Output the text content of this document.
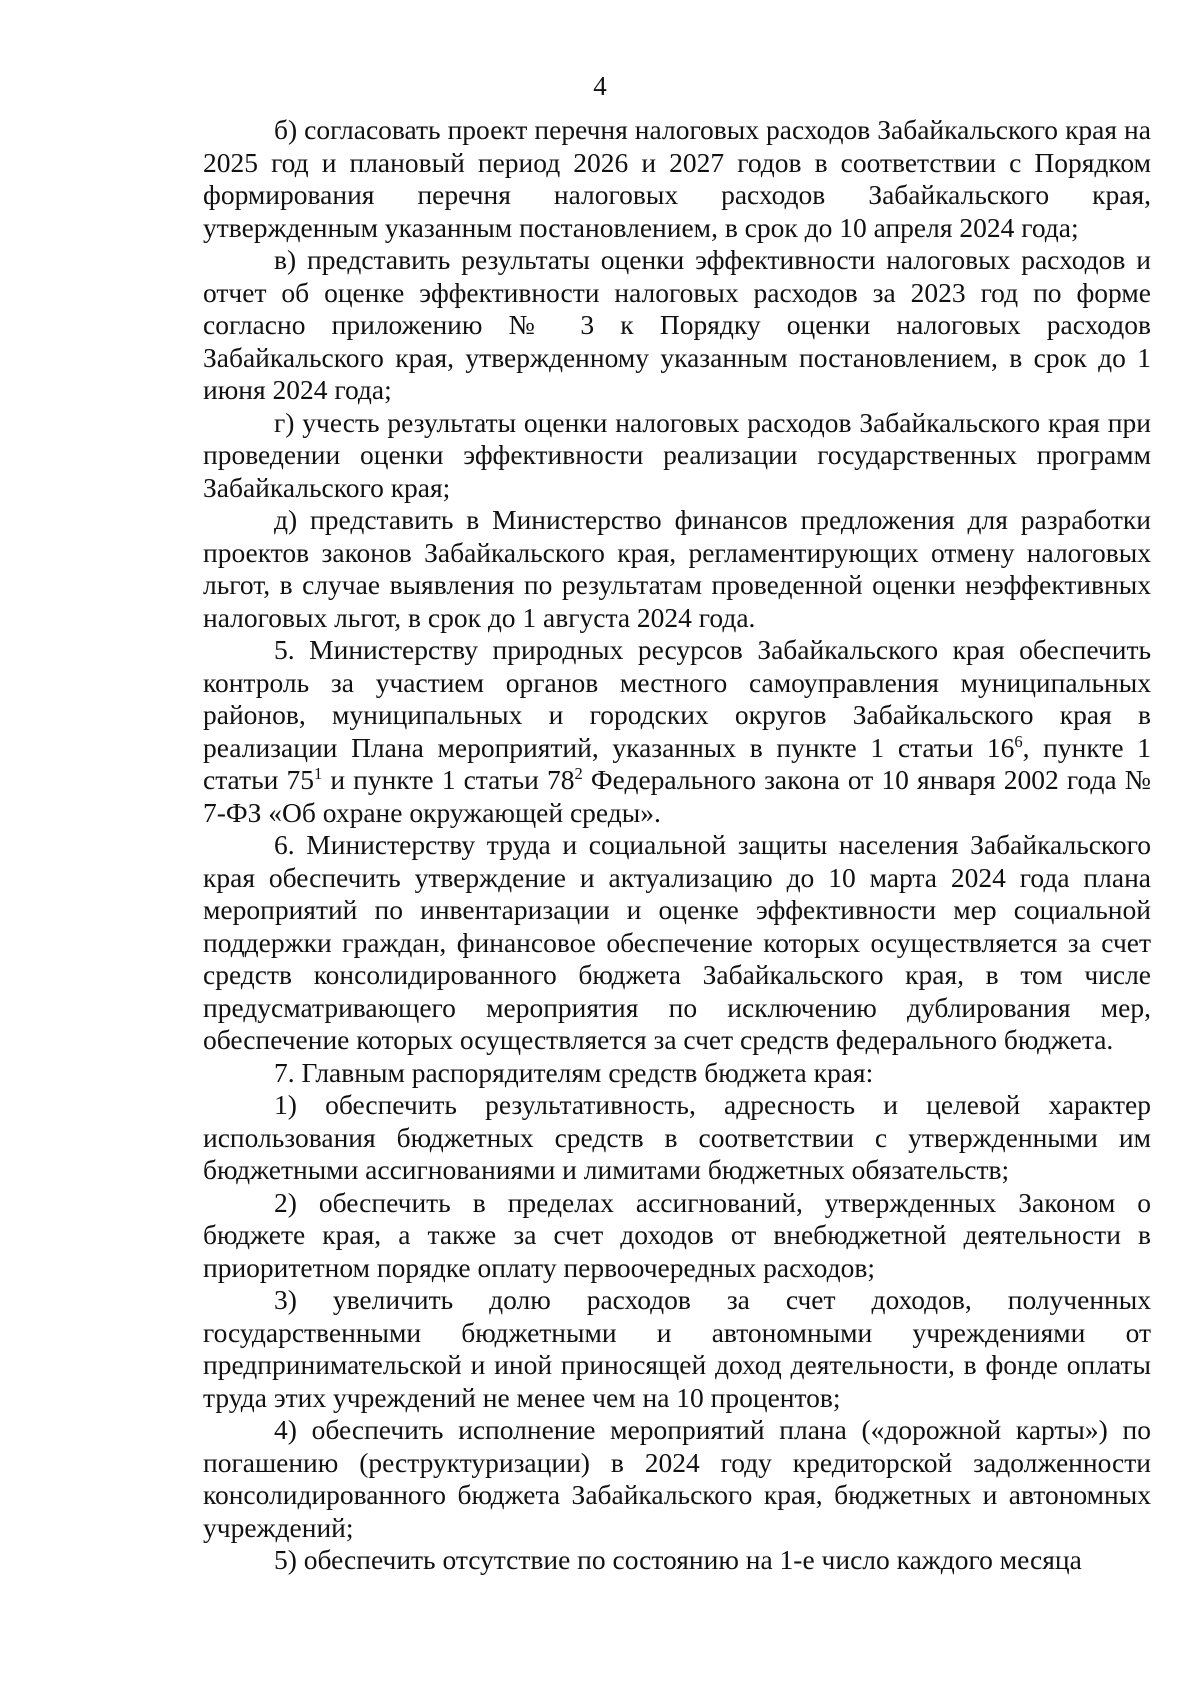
4

б) согласовать проект перечня налоговых расходов Забайкальского края на 2025 год и плановый период 2026 и 2027 годов в соответствии с Порядком формирования перечня налоговых расходов Забайкальского края, утвержденным указанным постановлением, в срок до 10 апреля 2024 года;

в) представить результаты оценки эффективности налоговых расходов и отчет об оценке эффективности налоговых расходов за 2023 год по форме согласно приложению № 3 к Порядку оценки налоговых расходов Забайкальского края, утвержденному указанным постановлением, в срок до 1 июня 2024 года;

г) учесть результаты оценки налоговых расходов Забайкальского края при проведении оценки эффективности реализации государственных программ Забайкальского края;

д) представить в Министерство финансов предложения для разработки проектов законов Забайкальского края, регламентирующих отмену налоговых льгот, в случае выявления по результатам проведенной оценки неэффективных налоговых льгот, в срок до 1 августа 2024 года.

5. Министерству природных ресурсов Забайкальского края обеспечить контроль за участием органов местного самоуправления муниципальных районов, муниципальных и городских округов Забайкальского края в реализации Плана мероприятий, указанных в пункте 1 статьи $16^6$, пункте 1 статьи $75^1$ и пункте 1 статьи $78^2$ Федерального закона от 10 января 2002 года № 7-ФЗ «Об охране окружающей среды».

6. Министерству труда и социальной защиты населения Забайкальского края обеспечить утверждение и актуализацию до 10 марта 2024 года плана мероприятий по инвентаризации и оценке эффективности мер социальной поддержки граждан, финансовое обеспечение которых осуществляется за счет средств консолидированного бюджета Забайкальского края, в том числе предусматривающего мероприятия по исключению дублирования мер, обеспечение которых осуществляется за счет средств федерального бюджета.

7. Главным распорядителям средств бюджета края:

1) обеспечить результативность, адресность и целевой характер использования бюджетных средств в соответствии с утвержденными им бюджетными ассигнованиями и лимитами бюджетных обязательств;

2) обеспечить в пределах ассигнований, утвержденных Законом о бюджете края, а также за счет доходов от внебюджетной деятельности в приоритетном порядке оплату первоочередных расходов;

3) увеличить долю расходов за счет доходов, полученных государственными бюджетными и автономными учреждениями от предпринимательской и иной приносящей доход деятельности, в фонде оплаты труда этих учреждений не менее чем на 10 процентов;

4) обеспечить исполнение мероприятий плана («дорожной карты») по погашению (реструктуризации) в 2024 году кредиторской задолженности консолидированного бюджета Забайкальского края, бюджетных и автономных учреждений;

5) обеспечить отсутствие по состоянию на 1-е число каждого месяца
